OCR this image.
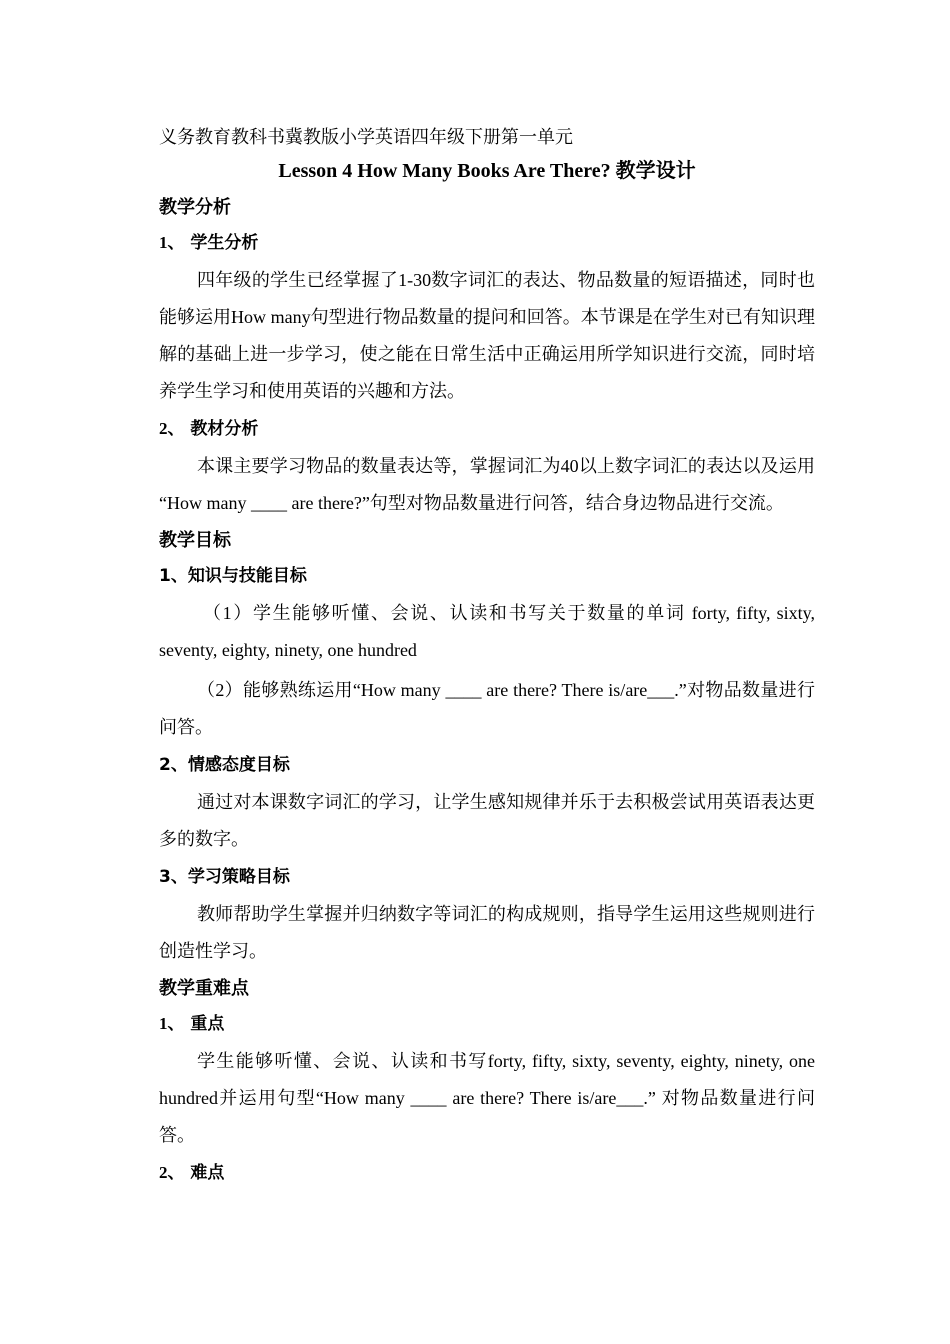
义务教育教科书冀教版小学英语四年级下册第一单元

Lesson 4 How Many Books Are There? 教学设计

教学分析

1、 学生分析

四年级的学生已经掌握了1-30数字词汇的表达、物品数量的短语描述，同时也能够运用How many句型进行物品数量的提问和回答。本节课是在学生对已有知识理解的基础上进一步学习，使之能在日常生活中正确运用所学知识进行交流，同时培养学生学习和使用英语的兴趣和方法。

2、 教材分析

本课主要学习物品的数量表达等，掌握词汇为40以上数字词汇的表达以及运用 “How many ____ are there?”句型对物品数量进行问答，结合身边物品进行交流。

教学目标

1、知识与技能目标

（1）学生能够听懂、会说、认读和书写关于数量的单词 forty, fifty, sixty, seventy, eighty, ninety, one hundred

（2）能够熟练运用“How many ____ are there? There is/are___.”对物品数量进行问答。

2、情感态度目标

通过对本课数字词汇的学习，让学生感知规律并乐于去积极尝试用英语表达更多的数字。

3、学习策略目标

教师帮助学生掌握并归纳数字等词汇的构成规则，指导学生运用这些规则进行创造性学习。

教学重难点

1、 重点

学生能够听懂、会说、认读和书写forty, fifty, sixty, seventy, eighty, ninety, one hundred并运用句型“How many ____ are there? There is/are___.” 对物品数量进行问答。

2、 难点
